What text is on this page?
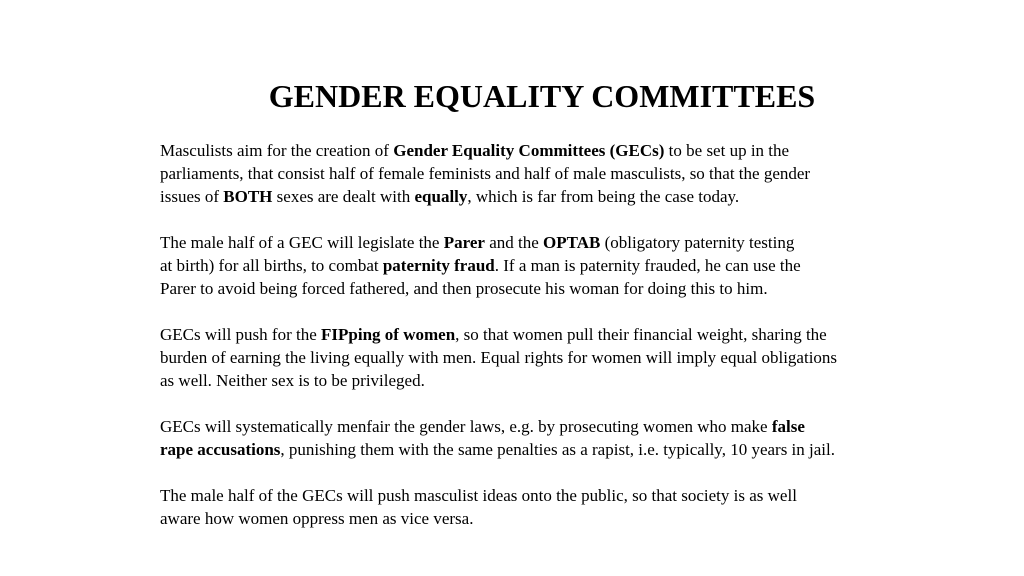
GENDER EQUALITY COMMITTEES

Masculists aim for the creation of Gender Equality Committees (GECs) to be set up in the
parliaments, that consist half of female feminists and half of male masculists, so that the gender
issues of BOTH sexes are dealt with equally, which is far from being the case today.

The male half of a GEC will legislate the Parer and the OPTAB (obligatory paternity testing
at birth) for all births, to combat paternity fraud. If a man is paternity frauded, he can use the
Parer to avoid being forced fathered, and then prosecute his woman for doing this to him.

GECs will push for the FIPping of women, so that women pull their financial weight, sharing the
burden of earning the living equally with men. Equal rights for women will imply equal obligations
as well. Neither sex is to be privileged.

GECs will systematically menfair the gender laws, e.g. by prosecuting women who make false
rape accusations, punishing them with the same penalties as a rapist, i.e. typically, 10 years in jail.

The male half of the GECs will push masculist ideas onto the public, so that society is as well
aware how women oppress men as vice versa.
